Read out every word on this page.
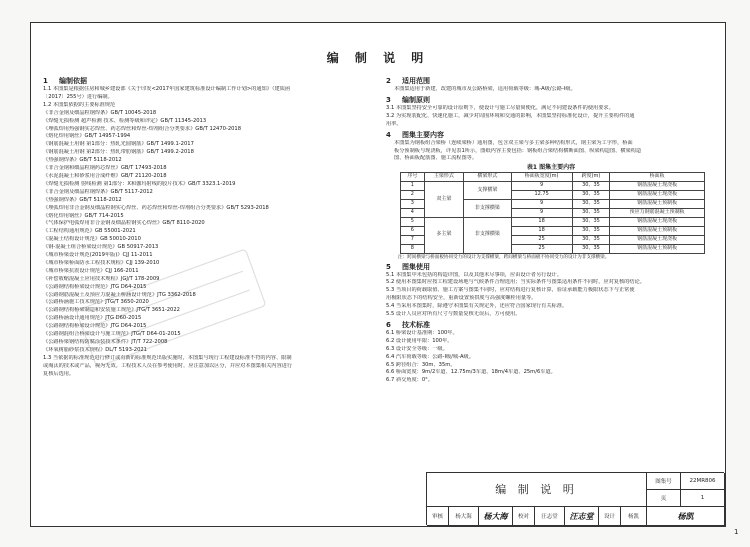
编 制 说 明
1 编制依据
1.1 本图集是根据住房和城乡建设部《关于印发<2017年国家建筑标准设计编制工作计划>的通知》（建质函
〔2017〕255号）进行编制。
1.2 本图集依据的主要标准规范
《非合金钢及细晶粒钢焊条》GB/T 10045-2018
《焊缝无损检测 超声检测 技术、检测等级和评定》GB/T 11345-2013
《埋弧焊用热强钢实芯焊丝、药芯焊丝和焊丝-焊剂组合分类要求》GB/T 12470-2018
《熔化焊用钢丝》GB/T 14957-1994
《钢筋混凝土用钢 第1部分：热轧光圆钢筋》GB/T 1499.1-2017
《钢筋混凝土用钢 第2部分：热轧带肋钢筋》GB/T 1499.2-2018
《热强钢焊条》GB/T 5118-2012
《非合金钢和细晶粒钢药芯焊丝》GB/T 17493-2018
《水泥混凝土和砂浆用合成纤维》GB/T 21120-2018
《焊缝无损检测 射线检测 第1部分：X和伽玛射线的胶片技术》GB/T 3323.1-2019
《非合金钢及细晶粒钢焊条》GB/T 5117-2012
《热强钢焊条》GB/T 5118-2012
《埋弧焊用非合金钢及细晶粒钢实心焊丝、药芯焊丝和焊丝-焊剂组合分类要求》GB/T 5293-2018
《熔化焊用钢丝》GB/T 714-2015
《气体保护电弧焊用非合金钢及细晶粒钢实心焊丝》GB/T 8110-2020
《工程结构通用规范》GB 55001-2021
《混凝土结构设计规范》GB 50010-2010
《钢-混凝土组合桥梁设计规范》GB 50917-2013
《城市桥梁设计规范(2019年版)》CJJ 11-2011
《城市桥梁桥面防水工程技术规程》CJJ 139-2010
《城市桥梁抗震设计规范》CJJ 166-2011
《补偿收缩混凝土应用技术规程》JGJ/T 178-2009
《公路钢结构桥梁设计规范》JTG D64-2015
《公路钢筋混凝土及预应力混凝土桥涵设计规范》JTG 3362-2018
《公路桥涵施工技术规范》JTG/T 3650-2020
《公路钢结构桥梁制造和安装施工规范》JTG/T 3651-2022
《公路桥涵设计通用规范》JTG D60-2015
《公路钢结构桥梁设计规范》JTG D64-2015
《公路钢混组合桥梁设计与施工规范》JTG/T D64-01-2015
《公路桥梁钢结构防腐涂装技术条件》JT/T 722-2008
《环氧树脂砂浆技术规程》DL/T 5193-2021
1.3 当依据的标准规范进行修订或有新的标准规范出版实施时，本图集与现行工程建设标准不符的内容、限制
或淘汰的技术或产品，视为无效。工程技术人员在参考使用时，应注意加以区分，并应对本图集相关内容进行
复核后选用。
2 适用范围
本图集适用于新建、改建的城市及公路桥梁，适用荷载等级：城-A级/公路-I级。
3 编制原则
3.1 本图集坚持安全可靠的设计原则下，使设计与施工尽量简便化，满足不同建设条件的使用要求。
3.2 为实现装配化、快速化施工，减少对周围环境和交通的影响，本图集坚持标准化设计，提升主要构件的通
用率。
4 图集主要内容
本图集为钢板组合梁桥（连续梁桥）通用图，包含双主梁与多主梁多种结构形式，钢主梁为工字形，桥面
板分预制板与现浇板，详见表1所示，图纸内容主要包括：钢板组合梁结构横断面图、纵梁构造图、横梁构造
图、桥面板配筋图、施工流程图等。
表1 图集主要内容
序号	主梁形式	横梁形式	桥面板宽度(m)	跨度(m)	桥面板
1	双主梁	支撑横梁	9	30、35	钢筋混凝土现浇板
2			12.75	30、35	钢筋混凝土现浇板
3		非支撑横梁	9	30、35	钢筋混凝土预制板
4			9	30、35	预应力钢筋混凝土预制板
5	多主梁	非支撑横梁	18	30、35	钢筋混凝土现浇板
6			18	30、35	钢筋混凝土预制板
7			25	30、35	钢筋混凝土现浇板
8			25	30、35	钢筋混凝土预制板
注：跨间横梁与桥面板协同受力的设计为支撑横梁，跨间横梁与桥面板不协同受力的设计为非支撑横梁。
5 图集使用
5.1 本图集中未包括的构造详图，以及其他未尽事项，应由设计者另行设计。
5.2 使用本图集时应按工程建设场地与气候条件合理选用；当实际条件与图集适用条件不同时，应对复核的结论。
5.3 当项目的荷载取值、施工方案与图集不同时，应对结构进行复核计算，验证承载能力极限状态下与正常使
用极限状态下的结构安全，重新设置预拱度与高强度螺栓用量等。
5.4 当采用本图集时，除遵守本图集有关规定外，还应符合国家现行有关标准。
5.5 设计人员应对所有尺寸与数量复核无误后，方可使用。
6 技术标准
6.1 桥梁设计基准期：100年。
6.2 设计使用年限：100年。
6.3 设计安全等级：一级。
6.4 汽车荷载等级：公路-I级/城-A级。
6.5 跨径组合：30m、35m。
6.6 桥面宽度：9m/2车道、12.75m/3车道、18m/4车道、25m/6车道。
6.7 斜交角度：0°。
编 制 说 明
图集号	22MR806
页	1
审核	杨大海	杨大海	校对	汪志堂	汪志堂	设计	杨凯	杨凯
1
